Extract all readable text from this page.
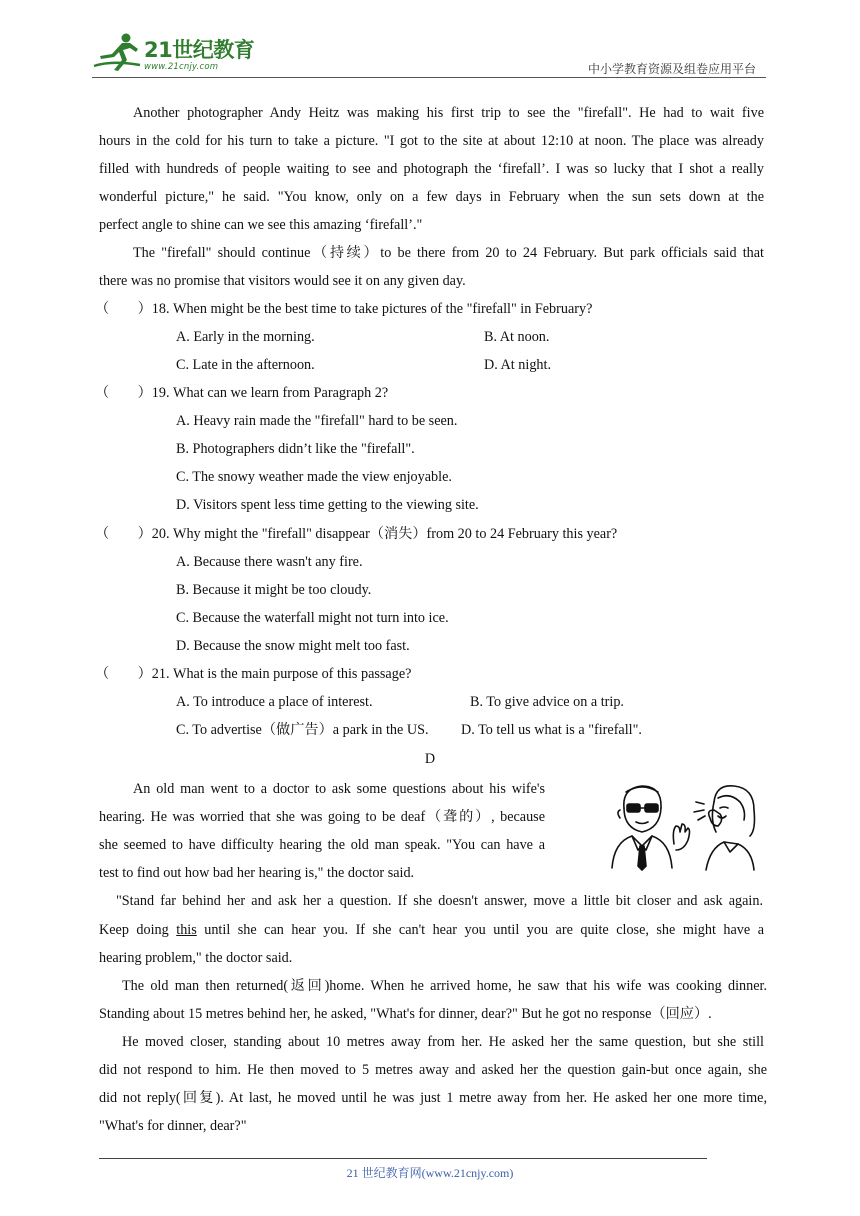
21世纪教育
www.21cnjy.com	中小学教育资源及组卷应用平台
Another photographer Andy Heitz was making his first trip to see the "firefall". He had to wait five
hours in the cold for his turn to take a picture. "I got to the site at about 12:10 at noon. The place was already
filled with hundreds of people waiting to see and photograph the ‘firefall’. I was so lucky that I shot a really
wonderful picture," he said. "You know, only on a few days in February when the sun sets down at the
perfect angle to shine can we see this amazing ‘firefall’."
The "firefall" should continue（持续）to be there from 20 to 24 February. But park officials said that
there was no promise that visitors would see it on any given day.
（　　）18. When might be the best time to take pictures of the "firefall" in February?
A. Early in the morning.	B. At noon.
C. Late in the afternoon.	D. At night.
（　　）19. What can we learn from Paragraph 2?
A. Heavy rain made the "firefall" hard to be seen.
B. Photographers didn’t like the "firefall".
C. The snowy weather made the view enjoyable.
D. Visitors spent less time getting to the viewing site.
（　　）20. Why might the "firefall" disappear（消失）from 20 to 24 February this year?
A. Because there wasn't any fire.
B. Because it might be too cloudy.
C. Because the waterfall might not turn into ice.
D. Because the snow might melt too fast.
（　　）21. What is the main purpose of this passage?
A. To introduce a place of interest.	B. To give advice on a trip.
C. To advertise（做广告）a park in the US. D. To tell us what is a "firefall".
D
An old man went to a doctor to ask some questions about his wife's
hearing. He was worried that she was going to be deaf（聋的）, because
she seemed to have difficulty hearing the old man speak. "You can have a
test to find out how bad her hearing is," the doctor said.
"Stand far behind her and ask her a question. If she doesn't answer, move a little bit closer and ask again.
Keep doing this until she can hear you. If she can't hear you until you are quite close, she might have a
hearing problem," the doctor said.
The old man then returned(返回)home. When he arrived home, he saw that his wife was cooking dinner.
Standing about 15 metres behind her, he asked, "What's for dinner, dear?" But he got no response（回应）.
He moved closer, standing about 10 metres away from her. He asked her the same question, but she still
did not respond to him. He then moved to 5 metres away and asked her the question gain-but once again, she
did not reply(回复). At last, he moved until he was just 1 metre away from her. He asked her one more time,
"What's for dinner, dear?"
21 世纪教育网(www.21cnjy.com)
